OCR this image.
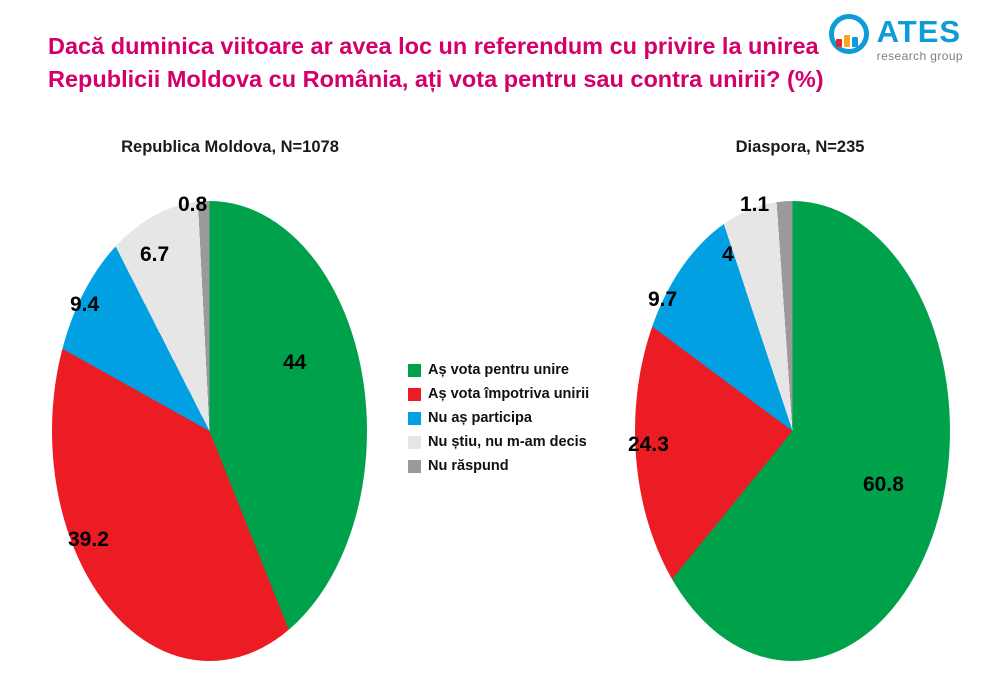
ATES
research group
Dacă duminica viitoare ar avea loc un referendum cu privire la unirea Republicii Moldova cu România, ați vota pentru sau contra unirii? (%)
Republica Moldova, N=1078
44
39.2
9.4
6.7
0.8
Aș vota pentru unire
Aș vota împotriva unirii
Nu aș participa
Nu știu, nu m-am decis
Nu răspund
Diaspora, N=235
60.8
24.3
9.7
4
1.1
